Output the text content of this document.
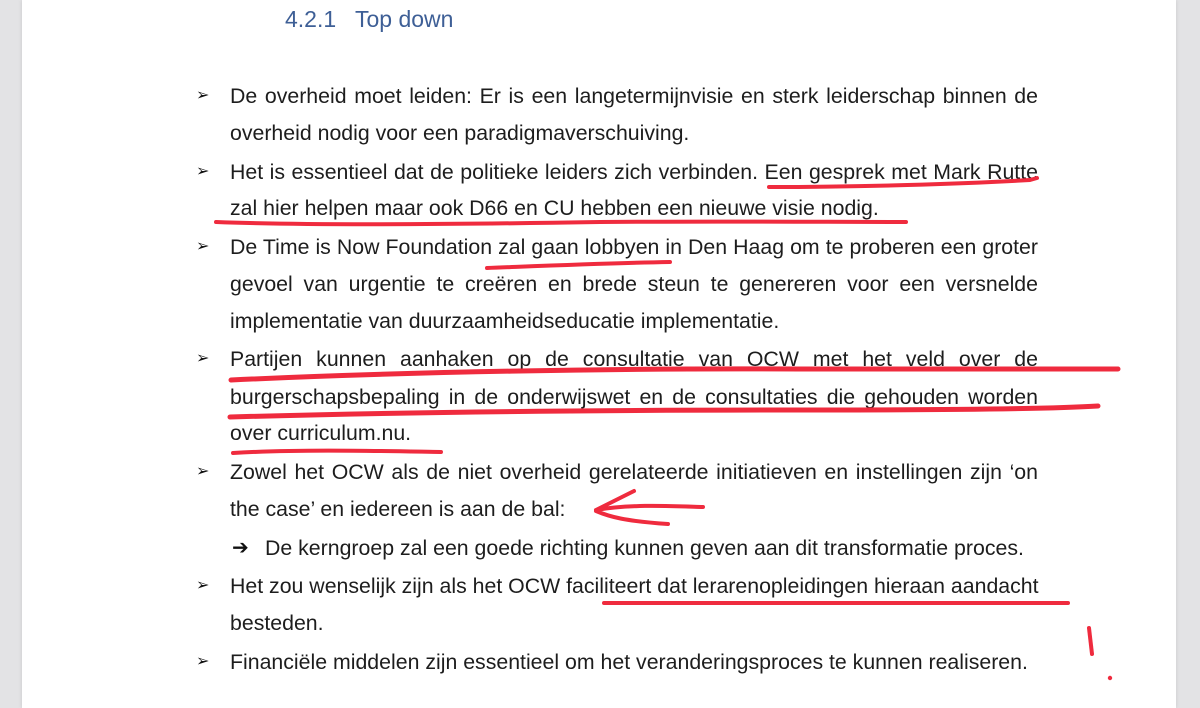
4.2.1 Top down
➢ De overheid moet leiden: Er is een langetermijnvisie en sterk leiderschap binnen de
overheid nodig voor een paradigmaverschuiving.
➢ Het is essentieel dat de politieke leiders zich verbinden. Een gesprek met Mark Rutte
zal hier helpen maar ook D66 en CU hebben een nieuwe visie nodig.
➢ De Time is Now Foundation zal gaan lobbyen in Den Haag om te proberen een groter
gevoel van urgentie te creëren en brede steun te genereren voor een versnelde
implementatie van duurzaamheidseducatie implementatie.
➢ Partijen kunnen aanhaken op de consultatie van OCW met het veld over de
burgerschapsbepaling in de onderwijswet en de consultaties die gehouden worden
over curriculum.nu.
➢ Zowel het OCW als de niet overheid gerelateerde initiatieven en instellingen zijn ‘on
the case’ en iedereen is aan de bal:
➔ De kerngroep zal een goede richting kunnen geven aan dit transformatie proces.
➢ Het zou wenselijk zijn als het OCW faciliteert dat lerarenopleidingen hieraan aandacht
besteden.
➢ Financiële middelen zijn essentieel om het veranderingsproces te kunnen realiseren.
